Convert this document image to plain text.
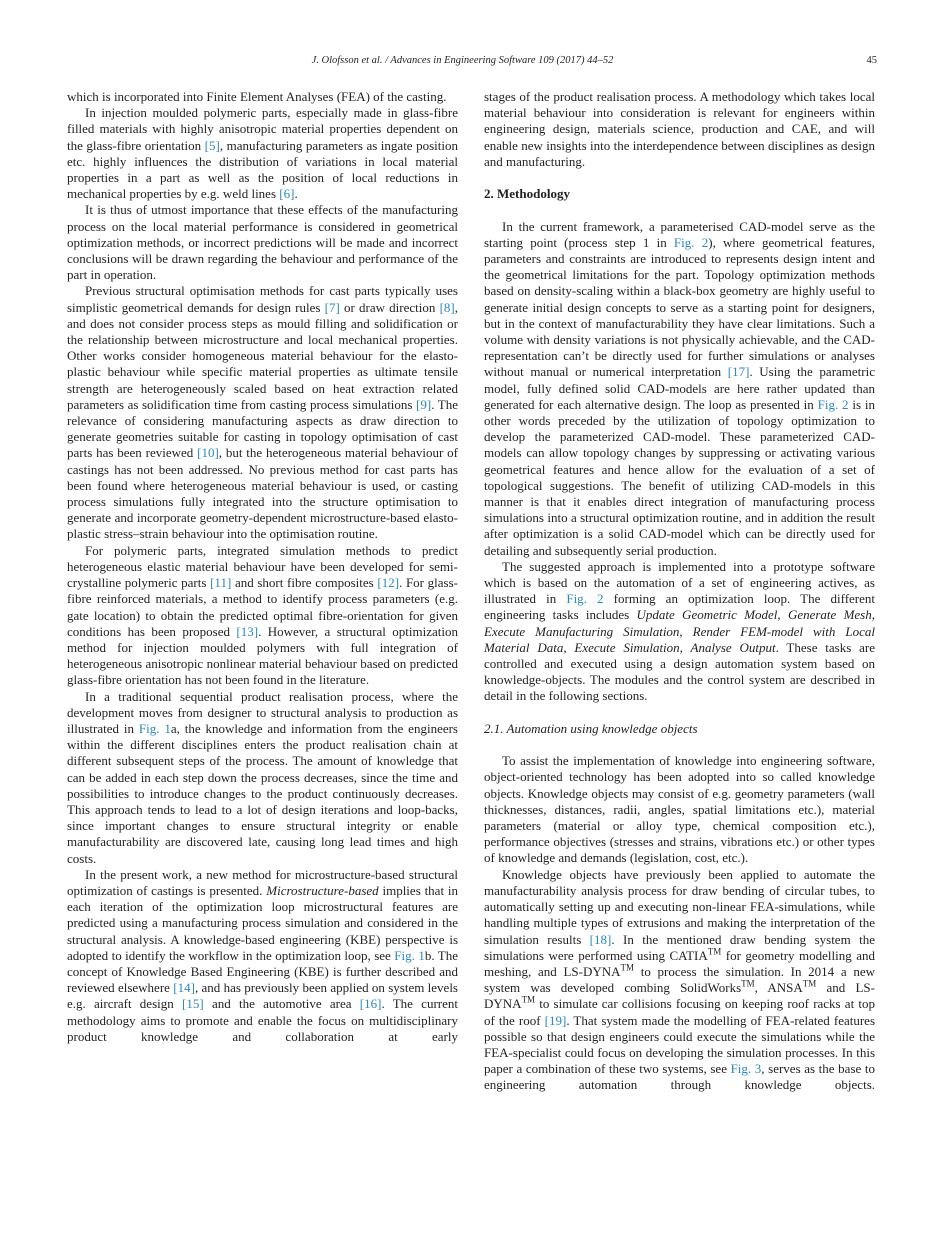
J. Olofsson et al. / Advances in Engineering Software 109 (2017) 44–52	45

which is incorporated into Finite Element Analyses (FEA) of the casting.

In injection moulded polymeric parts, especially made in glass-fibre filled materials with highly anisotropic material properties dependent on the glass-fibre orientation [5], manufacturing parameters as ingate position etc. highly influences the distribution of variations in local material properties in a part as well as the position of local reductions in mechanical properties by e.g. weld lines [6].

It is thus of utmost importance that these effects of the manufacturing process on the local material performance is considered in geometrical optimization methods, or incorrect predictions will be made and incorrect conclusions will be drawn regarding the behaviour and performance of the part in operation.

Previous structural optimisation methods for cast parts typically uses simplistic geometrical demands for design rules [7] or draw direction [8], and does not consider process steps as mould filling and solidification or the relationship between microstructure and local mechanical properties. Other works consider homogeneous material behaviour for the elasto-plastic behaviour while specific material properties as ultimate tensile strength are heterogeneously scaled based on heat extraction related parameters as solidification time from casting process simulations [9]. The relevance of considering manufacturing aspects as draw direction to generate geometries suitable for casting in topology optimisation of cast parts has been reviewed [10], but the heterogeneous material behaviour of castings has not been addressed. No previous method for cast parts has been found where heterogeneous material behaviour is used, or casting process simulations fully integrated into the structure optimisation to generate and incorporate geometry-dependent microstructure-based elasto-plastic stress–strain behaviour into the optimisation routine.

For polymeric parts, integrated simulation methods to predict heterogeneous elastic material behaviour have been developed for semi-crystalline polymeric parts [11] and short fibre composites [12]. For glass-fibre reinforced materials, a method to identify process parameters (e.g. gate location) to obtain the predicted optimal fibre-orientation for given conditions has been proposed [13]. However, a structural optimization method for injection moulded polymers with full integration of heterogeneous anisotropic nonlinear material behaviour based on predicted glass-fibre orientation has not been found in the literature.

In a traditional sequential product realisation process, where the development moves from designer to structural analysis to production as illustrated in Fig. 1a, the knowledge and information from the engineers within the different disciplines enters the product realisation chain at different subsequent steps of the process. The amount of knowledge that can be added in each step down the process decreases, since the time and possibilities to introduce changes to the product continuously decreases. This approach tends to lead to a lot of design iterations and loop-backs, since important changes to ensure structural integrity or enable manufacturability are discovered late, causing long lead times and high costs.

In the present work, a new method for microstructure-based structural optimization of castings is presented. Microstructure-based implies that in each iteration of the optimization loop microstructural features are predicted using a manufacturing process simulation and considered in the structural analysis. A knowledge-based engineering (KBE) perspective is adopted to identify the workflow in the optimization loop, see Fig. 1b. The concept of Knowledge Based Engineering (KBE) is further described and reviewed elsewhere [14], and has previously been applied on system levels e.g. aircraft design [15] and the automotive area [16]. The current methodology aims to promote and enable the focus on multidisciplinary product knowledge and collaboration at early

stages of the product realisation process. A methodology which takes local material behaviour into consideration is relevant for engineers within engineering design, materials science, production and CAE, and will enable new insights into the interdependence between disciplines as design and manufacturing.

2. Methodology

In the current framework, a parameterised CAD-model serve as the starting point (process step 1 in Fig. 2), where geometrical features, parameters and constraints are introduced to represents design intent and the geometrical limitations for the part. Topology optimization methods based on density-scaling within a black-box geometry are highly useful to generate initial design concepts to serve as a starting point for designers, but in the context of manufacturability they have clear limitations. Such a volume with density variations is not physically achievable, and the CAD-representation can’t be directly used for further simulations or analyses without manual or numerical interpretation [17]. Using the parametric model, fully defined solid CAD-models are here rather updated than generated for each alternative design. The loop as presented in Fig. 2 is in other words preceded by the utilization of topology optimization to develop the parameterized CAD-model. These parameterized CAD-models can allow topology changes by suppressing or activating various geometrical features and hence allow for the evaluation of a set of topological suggestions. The benefit of utilizing CAD-models in this manner is that it enables direct integration of manufacturing process simulations into a structural optimization routine, and in addition the result after optimization is a solid CAD-model which can be directly used for detailing and subsequently serial production.

The suggested approach is implemented into a prototype software which is based on the automation of a set of engineering actives, as illustrated in Fig. 2 forming an optimization loop. The different engineering tasks includes Update Geometric Model, Generate Mesh, Execute Manufacturing Simulation, Render FEM-model with Local Material Data, Execute Simulation, Analyse Output. These tasks are controlled and executed using a design automation system based on knowledge-objects. The modules and the control system are described in detail in the following sections.

2.1. Automation using knowledge objects

To assist the implementation of knowledge into engineering software, object-oriented technology has been adopted into so called knowledge objects. Knowledge objects may consist of e.g. geometry parameters (wall thicknesses, distances, radii, angles, spatial limitations etc.), material parameters (material or alloy type, chemical composition etc.), performance objectives (stresses and strains, vibrations etc.) or other types of knowledge and demands (legislation, cost, etc.).

Knowledge objects have previously been applied to automate the manufacturability analysis process for draw bending of circular tubes, to automatically setting up and executing non-linear FEA-simulations, while handling multiple types of extrusions and making the interpretation of the simulation results [18]. In the mentioned draw bending system the simulations were performed using CATIA™ for geometry modelling and meshing, and LS-DYNA™ to process the simulation. In 2014 a new system was developed combing SolidWorks™, ANSA™ and LS-DYNA™ to simulate car collisions focusing on keeping roof racks at top of the roof [19]. That system made the modelling of FEA-related features possible so that design engineers could execute the simulations while the FEA-specialist could focus on developing the simulation processes. In this paper a combination of these two systems, see Fig. 3, serves as the base to engineering automation through knowledge objects.
